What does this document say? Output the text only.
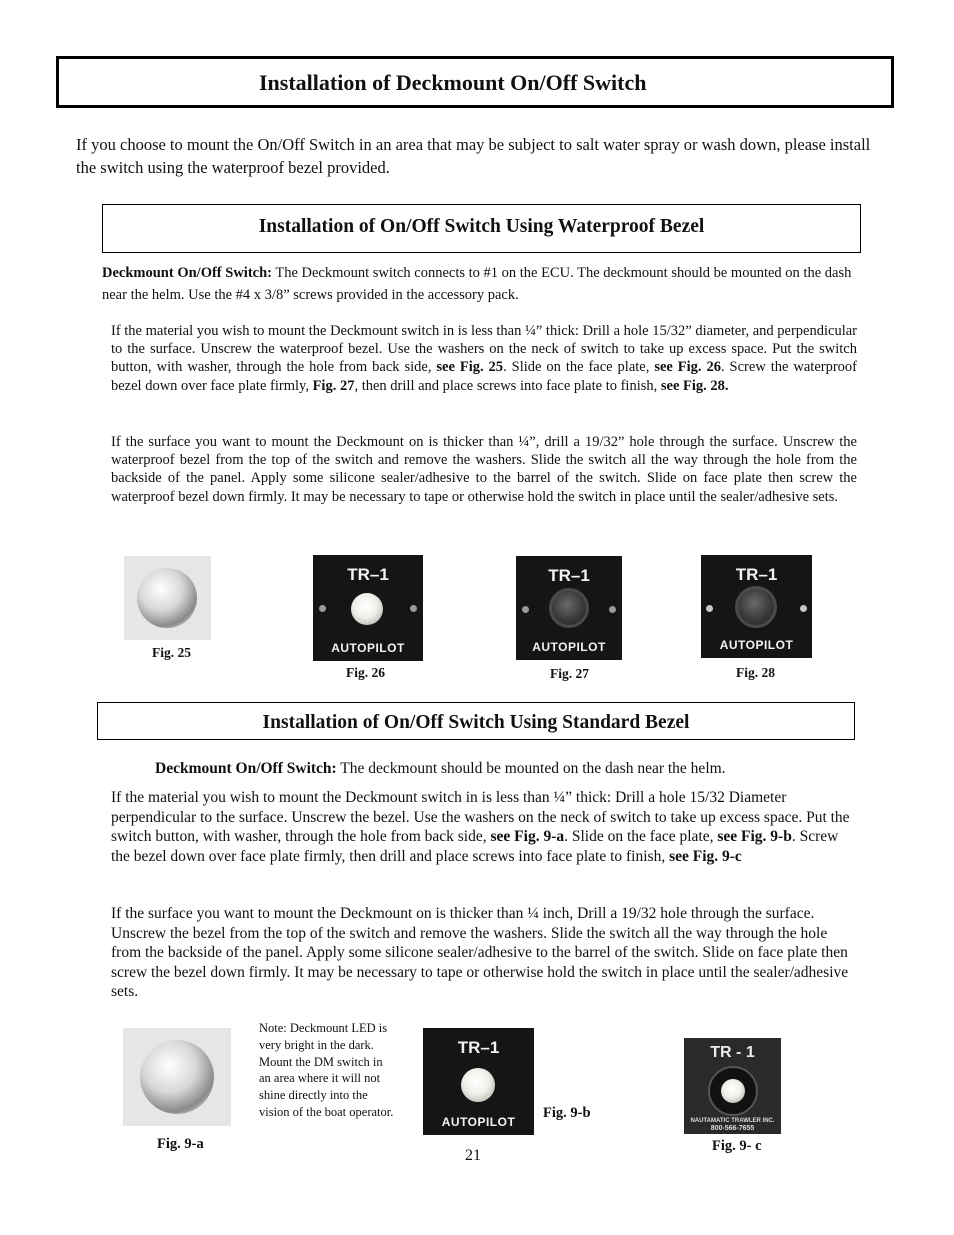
Installation of Deckmount On/Off Switch
If you choose to mount the On/Off Switch in an area that may be subject to salt water spray or wash down, please install the switch using the waterproof bezel provided.
Installation of On/Off Switch Using Waterproof Bezel
Deckmount On/Off Switch: The Deckmount switch connects to #1 on the ECU. The deckmount should be mounted on the dash near the helm. Use the #4 x 3/8” screws provided in the accessory pack.
If the material you wish to mount the Deckmount switch in is less than ¼” thick: Drill a hole 15/32” diameter, and perpendicular to the surface. Unscrew the waterproof bezel. Use the washers on the neck of switch to take up excess space. Put the switch button, with washer, through the hole from back side, see Fig. 25. Slide on the face plate, see Fig. 26. Screw the waterproof bezel down over face plate firmly, Fig. 27, then drill and place screws into face plate to finish, see Fig. 28.
If the surface you want to mount the Deckmount on is thicker than ¼”, drill a 19/32” hole through the surface. Unscrew the waterproof bezel from the top of the switch and remove the washers. Slide the switch all the way through the hole from the backside of the panel. Apply some silicone sealer/adhesive to the barrel of the switch. Slide on face plate then screw the waterproof bezel down firmly. It may be necessary to tape or otherwise hold the switch in place until the sealer/adhesive sets.
Fig. 25
TR–1
AUTOPILOT
Fig. 26
TR–1
AUTOPILOT
Fig. 27
TR–1
AUTOPILOT
Fig. 28
Installation of On/Off Switch Using Standard Bezel
Deckmount On/Off Switch: The deckmount should be mounted on the dash near the helm.
If the material you wish to mount the Deckmount switch in is less than ¼” thick: Drill a hole 15/32 Diameter perpendicular to the surface. Unscrew the bezel. Use the washers on the neck of switch to take up excess space. Put the switch button, with washer, through the hole from back side, see Fig. 9-a. Slide on the face plate, see Fig. 9-b. Screw the bezel down over face plate firmly, then drill and place screws into face plate to finish, see Fig. 9-c
If the surface you want to mount the Deckmount on is thicker than ¼ inch, Drill a 19/32 hole through the surface. Unscrew the bezel from the top of the switch and remove the washers. Slide the switch all the way through the hole from the backside of the panel. Apply some silicone sealer/adhesive to the barrel of the switch. Slide on face plate then screw the bezel down firmly. It may be necessary to tape or otherwise hold the switch in place until the sealer/adhesive sets.
Fig. 9-a
Note: Deckmount LED is very bright in the dark. Mount the DM switch in an area where it will not shine directly into the vision of the boat operator.
TR–1
AUTOPILOT
Fig. 9-b
TR - 1
NAUTAMATIC TRAWLER INC.
800-566-7655
Fig. 9- c
21
